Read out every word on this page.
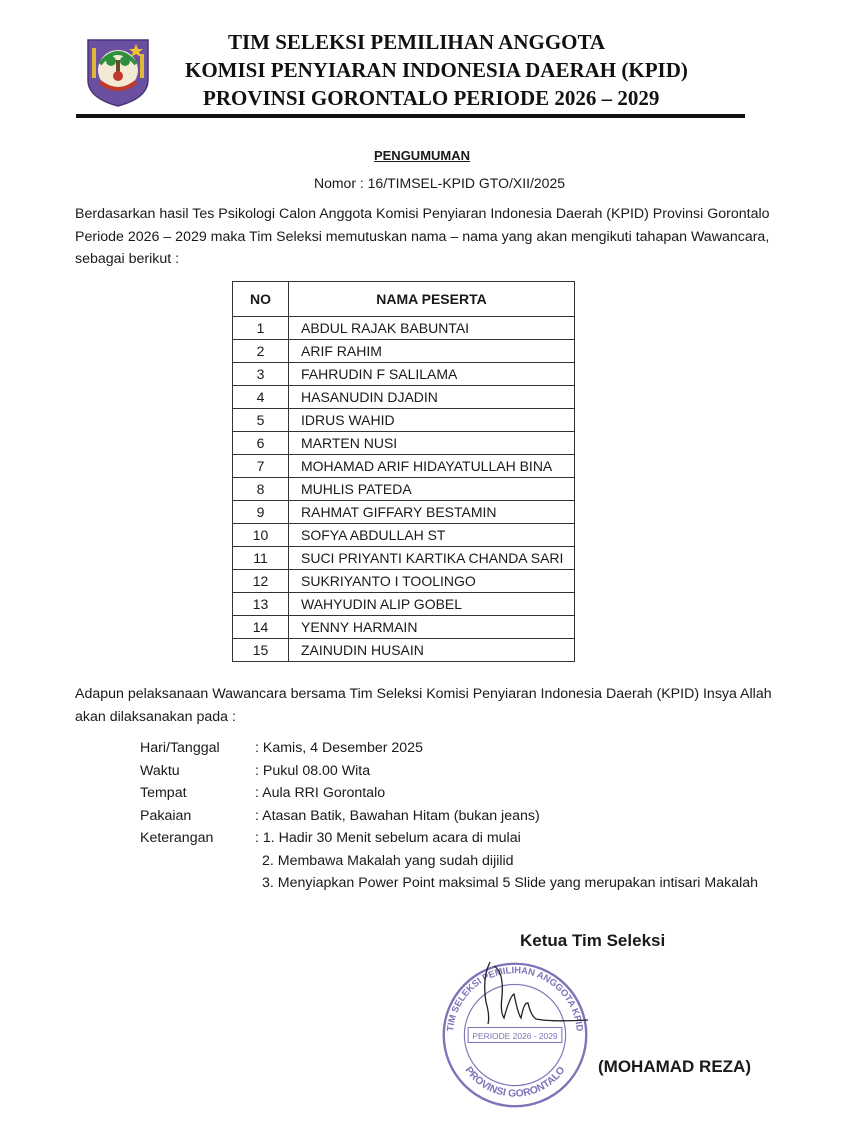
TIM SELEKSI PEMILIHAN ANGGOTA
KOMISI PENYIARAN INDONESIA DAERAH (KPID)
PROVINSI GORONTALO PERIODE 2026 – 2029
PENGUMUMAN
Nomor : 16/TIMSEL-KPID GTO/XII/2025
Berdasarkan hasil Tes Psikologi Calon Anggota Komisi Penyiaran Indonesia Daerah (KPID) Provinsi Gorontalo Periode 2026 – 2029 maka Tim Seleksi memutuskan nama – nama yang akan mengikuti tahapan Wawancara, sebagai berikut :
NO	NAMA PESERTA
1	ABDUL RAJAK BABUNTAI
2	ARIF RAHIM
3	FAHRUDIN F SALILAMA
4	HASANUDIN DJADIN
5	IDRUS WAHID
6	MARTEN NUSI
7	MOHAMAD ARIF HIDAYATULLAH BINA
8	MUHLIS PATEDA
9	RAHMAT GIFFARY BESTAMIN
10	SOFYA ABDULLAH ST
11	SUCI PRIYANTI KARTIKA CHANDA SARI
12	SUKRIYANTO I TOOLINGO
13	WAHYUDIN ALIP GOBEL
14	YENNY HARMAIN
15	ZAINUDIN HUSAIN
Adapun pelaksanaan Wawancara bersama Tim Seleksi Komisi Penyiaran Indonesia Daerah (KPID) Insya Allah akan dilaksanakan pada :
Hari/Tanggal	: Kamis, 4 Desember 2025
Waktu	: Pukul 08.00 Wita
Tempat	: Aula RRI Gorontalo
Pakaian	: Atasan Batik, Bawahan Hitam (bukan jeans)
Keterangan	: 1. Hadir 30 Menit sebelum acara di mulai
2. Membawa Makalah yang sudah dijilid
3. Menyiapkan Power Point maksimal 5 Slide yang merupakan intisari Makalah
TIM SELEKSI PEMILIHAN ANGGOTA KPID
PERIODE 2026 - 2029
PROVINSI GORONTALO
Ketua Tim Seleksi
(MOHAMAD REZA)
